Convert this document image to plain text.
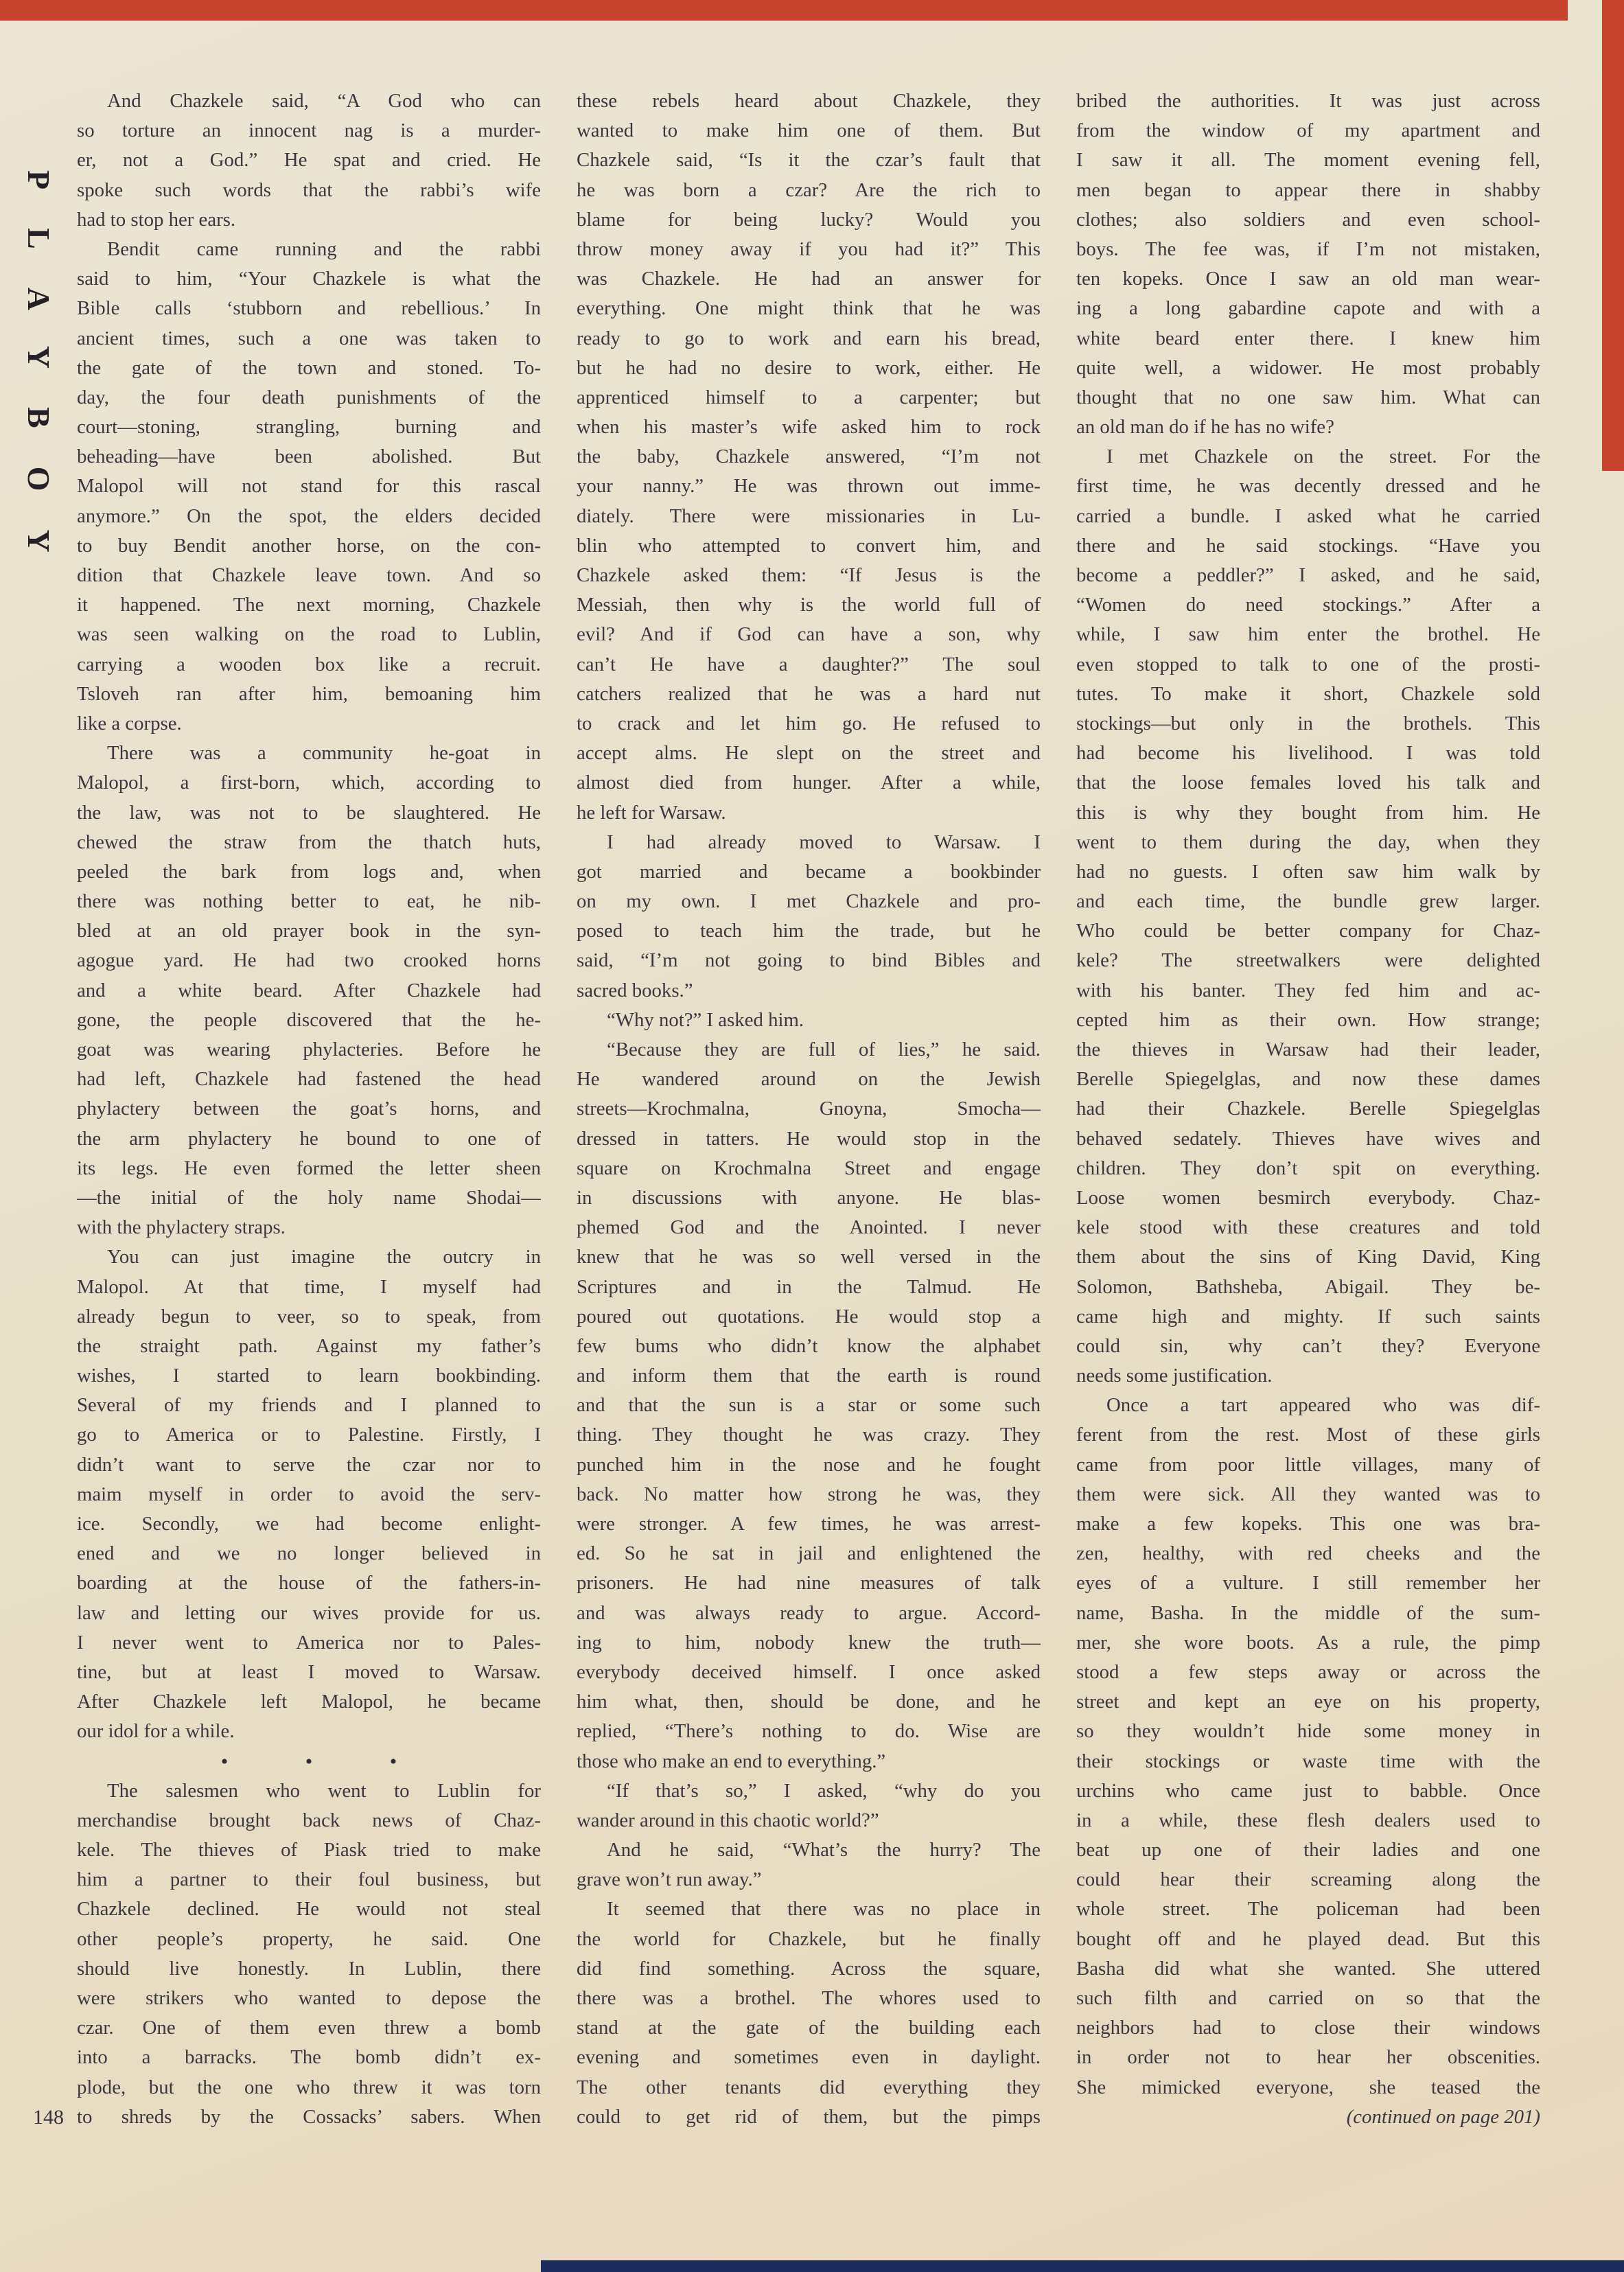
PLAYBOY
And Chazkele said, “A God who can
so torture an innocent nag is a murder-
er, not a God.” He spat and cried. He
spoke such words that the rabbi’s wife
had to stop her ears.
Bendit came running and the rabbi
said to him, “Your Chazkele is what the
Bible calls ‘stubborn and rebellious.’ In
ancient times, such a one was taken to
the gate of the town and stoned. To-
day, the four death punishments of the
court—stoning, strangling, burning and
beheading—have been abolished. But
Malopol will not stand for this rascal
anymore.” On the spot, the elders decided
to buy Bendit another horse, on the con-
dition that Chazkele leave town. And so
it happened. The next morning, Chazkele
was seen walking on the road to Lublin,
carrying a wooden box like a recruit.
Tsloveh ran after him, bemoaning him
like a corpse.
There was a community he-goat in
Malopol, a first-born, which, according to
the law, was not to be slaughtered. He
chewed the straw from the thatch huts,
peeled the bark from logs and, when
there was nothing better to eat, he nib-
bled at an old prayer book in the syn-
agogue yard. He had two crooked horns
and a white beard. After Chazkele had
gone, the people discovered that the he-
goat was wearing phylacteries. Before he
had left, Chazkele had fastened the head
phylactery between the goat’s horns, and
the arm phylactery he bound to one of
its legs. He even formed the letter sheen
—the initial of the holy name Shodai—
with the phylactery straps.
You can just imagine the outcry in
Malopol. At that time, I myself had
already begun to veer, so to speak, from
the straight path. Against my father’s
wishes, I started to learn bookbinding.
Several of my friends and I planned to
go to America or to Palestine. Firstly, I
didn’t want to serve the czar nor to
maim myself in order to avoid the serv-
ice. Secondly, we had become enlight-
ened and we no longer believed in
boarding at the house of the fathers-in-
law and letting our wives provide for us.
I never went to America nor to Pales-
tine, but at least I moved to Warsaw.
After Chazkele left Malopol, he became
our idol for a while.
• • •
The salesmen who went to Lublin for
merchandise brought back news of Chaz-
kele. The thieves of Piask tried to make
him a partner to their foul business, but
Chazkele declined. He would not steal
other people’s property, he said. One
should live honestly. In Lublin, there
were strikers who wanted to depose the
czar. One of them even threw a bomb
into a barracks. The bomb didn’t ex-
plode, but the one who threw it was torn
to shreds by the Cossacks’ sabers. When
these rebels heard about Chazkele, they
wanted to make him one of them. But
Chazkele said, “Is it the czar’s fault that
he was born a czar? Are the rich to
blame for being lucky? Would you
throw money away if you had it?” This
was Chazkele. He had an answer for
everything. One might think that he was
ready to go to work and earn his bread,
but he had no desire to work, either. He
apprenticed himself to a carpenter; but
when his master’s wife asked him to rock
the baby, Chazkele answered, “I’m not
your nanny.” He was thrown out imme-
diately. There were missionaries in Lu-
blin who attempted to convert him, and
Chazkele asked them: “If Jesus is the
Messiah, then why is the world full of
evil? And if God can have a son, why
can’t He have a daughter?” The soul
catchers realized that he was a hard nut
to crack and let him go. He refused to
accept alms. He slept on the street and
almost died from hunger. After a while,
he left for Warsaw.
I had already moved to Warsaw. I
got married and became a bookbinder
on my own. I met Chazkele and pro-
posed to teach him the trade, but he
said, “I’m not going to bind Bibles and
sacred books.”
“Why not?” I asked him.
“Because they are full of lies,” he said.
He wandered around on the Jewish
streets—Krochmalna, Gnoyna, Smocha—
dressed in tatters. He would stop in the
square on Krochmalna Street and engage
in discussions with anyone. He blas-
phemed God and the Anointed. I never
knew that he was so well versed in the
Scriptures and in the Talmud. He
poured out quotations. He would stop a
few bums who didn’t know the alphabet
and inform them that the earth is round
and that the sun is a star or some such
thing. They thought he was crazy. They
punched him in the nose and he fought
back. No matter how strong he was, they
were stronger. A few times, he was arrest-
ed. So he sat in jail and enlightened the
prisoners. He had nine measures of talk
and was always ready to argue. Accord-
ing to him, nobody knew the truth—
everybody deceived himself. I once asked
him what, then, should be done, and he
replied, “There’s nothing to do. Wise are
those who make an end to everything.”
“If that’s so,” I asked, “why do you
wander around in this chaotic world?”
And he said, “What’s the hurry? The
grave won’t run away.”
It seemed that there was no place in
the world for Chazkele, but he finally
did find something. Across the square,
there was a brothel. The whores used to
stand at the gate of the building each
evening and sometimes even in daylight.
The other tenants did everything they
could to get rid of them, but the pimps
bribed the authorities. It was just across
from the window of my apartment and
I saw it all. The moment evening fell,
men began to appear there in shabby
clothes; also soldiers and even school-
boys. The fee was, if I’m not mistaken,
ten kopeks. Once I saw an old man wear-
ing a long gabardine capote and with a
white beard enter there. I knew him
quite well, a widower. He most probably
thought that no one saw him. What can
an old man do if he has no wife?
I met Chazkele on the street. For the
first time, he was decently dressed and he
carried a bundle. I asked what he carried
there and he said stockings. “Have you
become a peddler?” I asked, and he said,
“Women do need stockings.” After a
while, I saw him enter the brothel. He
even stopped to talk to one of the prosti-
tutes. To make it short, Chazkele sold
stockings—but only in the brothels. This
had become his livelihood. I was told
that the loose females loved his talk and
this is why they bought from him. He
went to them during the day, when they
had no guests. I often saw him walk by
and each time, the bundle grew larger.
Who could be better company for Chaz-
kele? The streetwalkers were delighted
with his banter. They fed him and ac-
cepted him as their own. How strange;
the thieves in Warsaw had their leader,
Berelle Spiegelglas, and now these dames
had their Chazkele. Berelle Spiegelglas
behaved sedately. Thieves have wives and
children. They don’t spit on everything.
Loose women besmirch everybody. Chaz-
kele stood with these creatures and told
them about the sins of King David, King
Solomon, Bathsheba, Abigail. They be-
came high and mighty. If such saints
could sin, why can’t they? Everyone
needs some justification.
Once a tart appeared who was dif-
ferent from the rest. Most of these girls
came from poor little villages, many of
them were sick. All they wanted was to
make a few kopeks. This one was bra-
zen, healthy, with red cheeks and the
eyes of a vulture. I still remember her
name, Basha. In the middle of the sum-
mer, she wore boots. As a rule, the pimp
stood a few steps away or across the
street and kept an eye on his property,
so they wouldn’t hide some money in
their stockings or waste time with the
urchins who came just to babble. Once
in a while, these flesh dealers used to
beat up one of their ladies and one
could hear their screaming along the
whole street. The policeman had been
bought off and he played dead. But this
Basha did what she wanted. She uttered
such filth and carried on so that the
neighbors had to close their windows
in order not to hear her obscenities.
She mimicked everyone, she teased the
(continued on page 201)
148
